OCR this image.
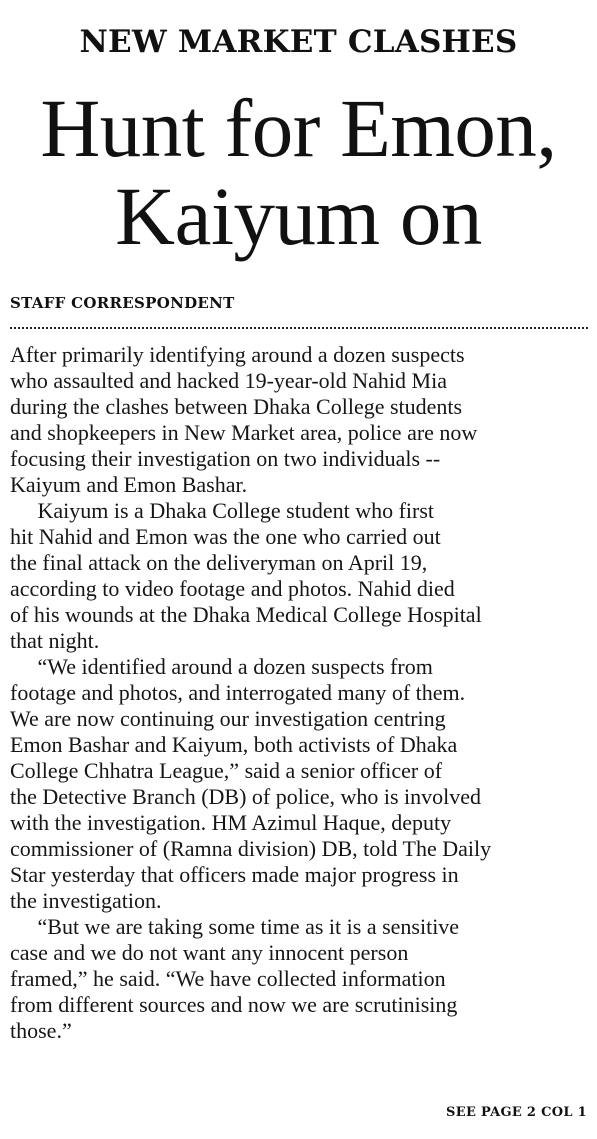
NEW MARKET CLASHES
Hunt for Emon,
Kaiyum on
STAFF CORRESPONDENT

After primarily identifying around a dozen suspects
who assaulted and hacked 19-year-old Nahid Mia
during the clashes between Dhaka College students
and shopkeepers in New Market area, police are now
focusing their investigation on two individuals --
Kaiyum and Emon Bashar.

Kaiyum is a Dhaka College student who first
hit Nahid and Emon was the one who carried out
the final attack on the deliveryman on April 19,
according to video footage and photos. Nahid died
of his wounds at the Dhaka Medical College Hospital
that night.

“We identified around a dozen suspects from
footage and photos, and interrogated many of them.
We are now continuing our investigation centring
Emon Bashar and Kaiyum, both activists of Dhaka
College Chhatra League,” said a senior officer of
the Detective Branch (DB) of police, who is involved
with the investigation. HM Azimul Haque, deputy
commissioner of (Ramna division) DB, told The Daily
Star yesterday that officers made major progress in
the investigation.

“But we are taking some time as it is a sensitive
case and we do not want any innocent person
framed,” he said. “We have collected information
from different sources and now we are scrutinising
those.”

SEE PAGE 2 COL 1
